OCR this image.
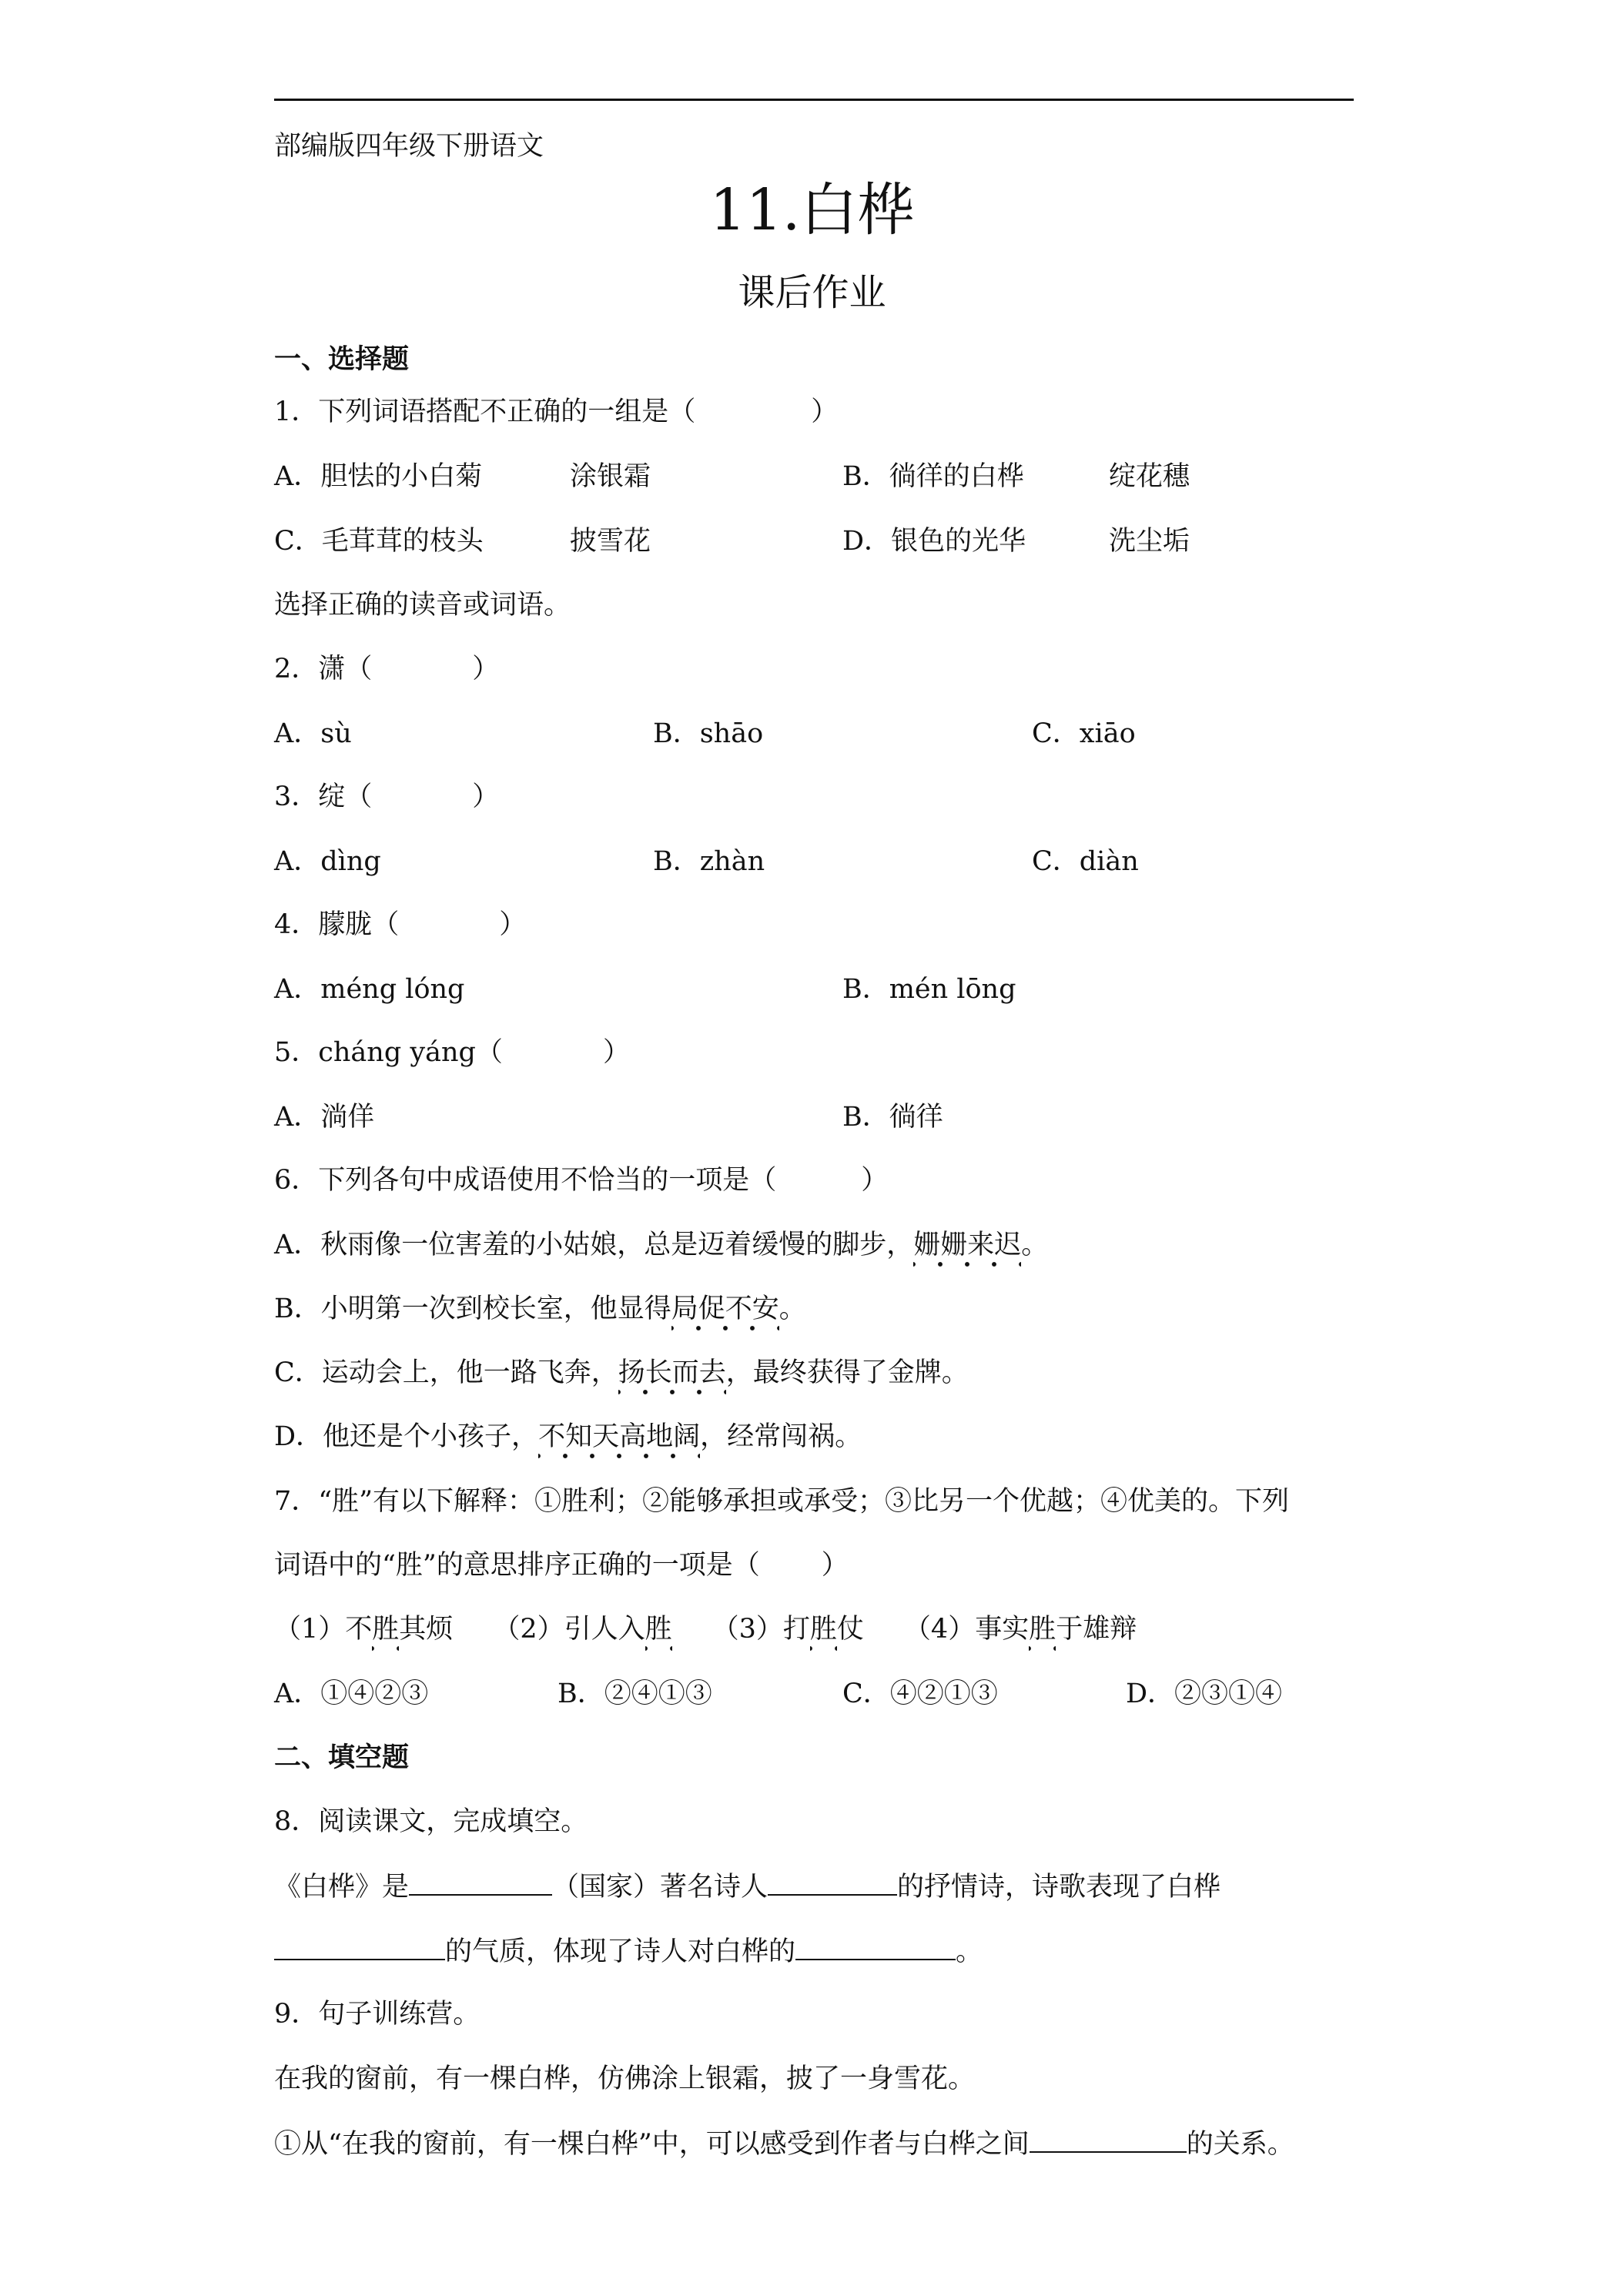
部编版四年级下册语文
11.白桦
课后作业
一、选择题
1．下列词语搭配不正确的一组是（	）
A．胆怯的小白菊	涂银霜	B．徜徉的白桦	绽花穗
C．毛茸茸的枝头	披雪花	D．银色的光华	洗尘垢
选择正确的读音或词语。
2．潇（	）
A．sù	B．shāo	C．xiāo
3．绽（	）
A．dìng	B．zhàn	C．diàn
4．朦胧（	）
A．méng lóng	B．mén lōng
5．cháng yáng（	）
A．淌佯	B．徜徉
6．下列各句中成语使用不恰当的一项是（	）
A．秋雨像一位害羞的小姑娘，总是迈着缓慢的脚步，姗姗来迟。
B．小明第一次到校长室，他显得局促不安。
C．运动会上，他一路飞奔，扬长而去，最终获得了金牌。
D．他还是个小孩子，不知天高地阔，经常闯祸。
7．“胜”有以下解释：①胜利；②能够承担或承受；③比另一个优越；④优美的。下列
词语中的“胜”的意思排序正确的一项是（ ）
（1）不胜其烦 （2）引人入胜 （3）打胜仗 （4）事实胜于雄辩
A．①④②③	B．②④①③	C．④②①③	D．②③①④
二、填空题
8．阅读课文，完成填空。
《白桦》是	（国家）著名诗人	的抒情诗，诗歌表现了白桦
的气质，体现了诗人对白桦的	。
9．句子训练营。
在我的窗前，有一棵白桦，仿佛涂上银霜，披了一身雪花。
①从“在我的窗前，有一棵白桦”中，可以感受到作者与白桦之间	的关系。
